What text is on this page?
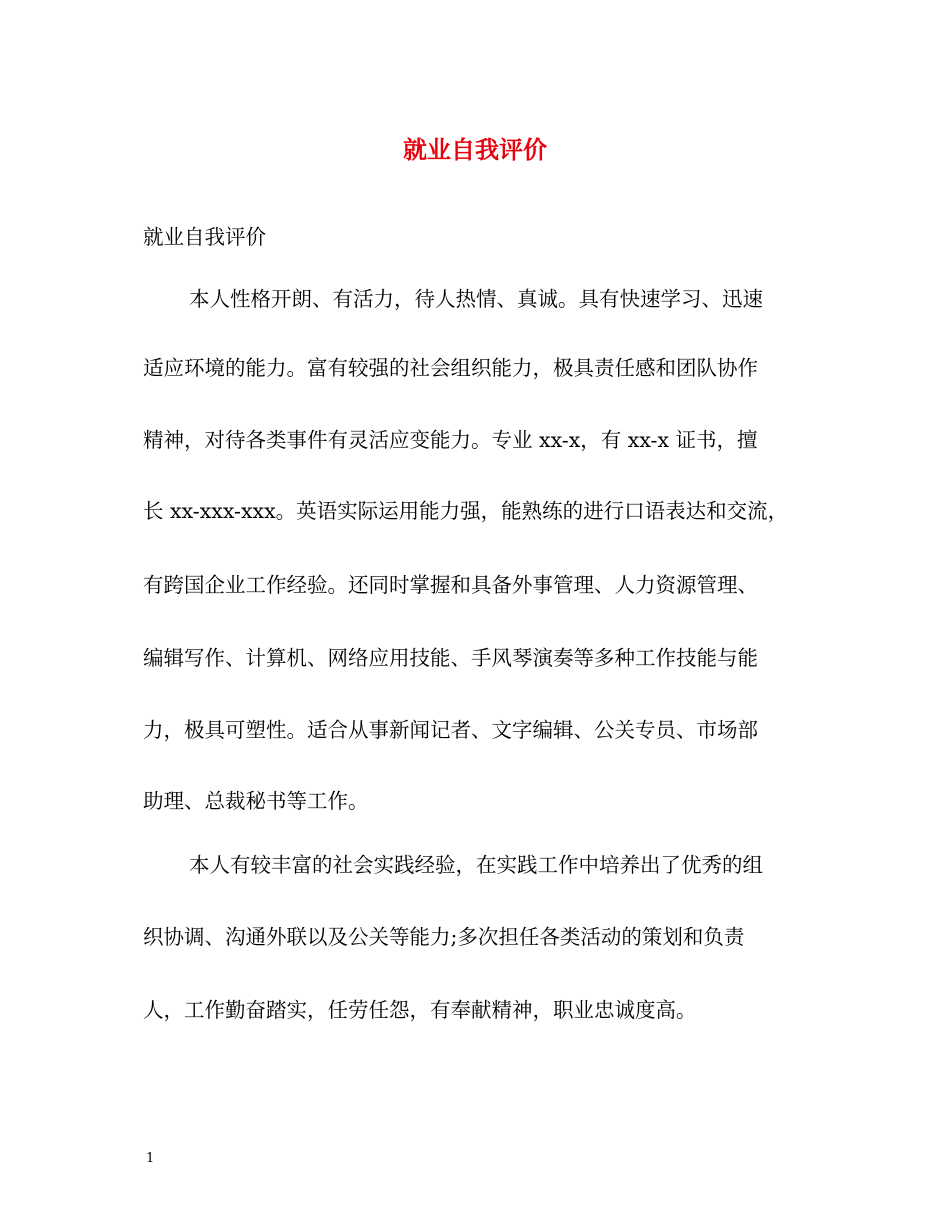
就业自我评价
就业自我评价
本人性格开朗、有活力，待人热情、真诚。具有快速学习、迅速
适应环境的能力。富有较强的社会组织能力，极具责任感和团队协作
精神，对待各类事件有灵活应变能力。专业 xx-x，有 xx-x 证书，擅
长 xx-xxx-xxx。英语实际运用能力强，能熟练的进行口语表达和交流，
有跨国企业工作经验。还同时掌握和具备外事管理、人力资源管理、
编辑写作、计算机、网络应用技能、手风琴演奏等多种工作技能与能
力，极具可塑性。适合从事新闻记者、文字编辑、公关专员、市场部
助理、总裁秘书等工作。
本人有较丰富的社会实践经验，在实践工作中培养出了优秀的组
织协调、沟通外联以及公关等能力;多次担任各类活动的策划和负责
人，工作勤奋踏实，任劳任怨，有奉献精神，职业忠诚度高。
1
